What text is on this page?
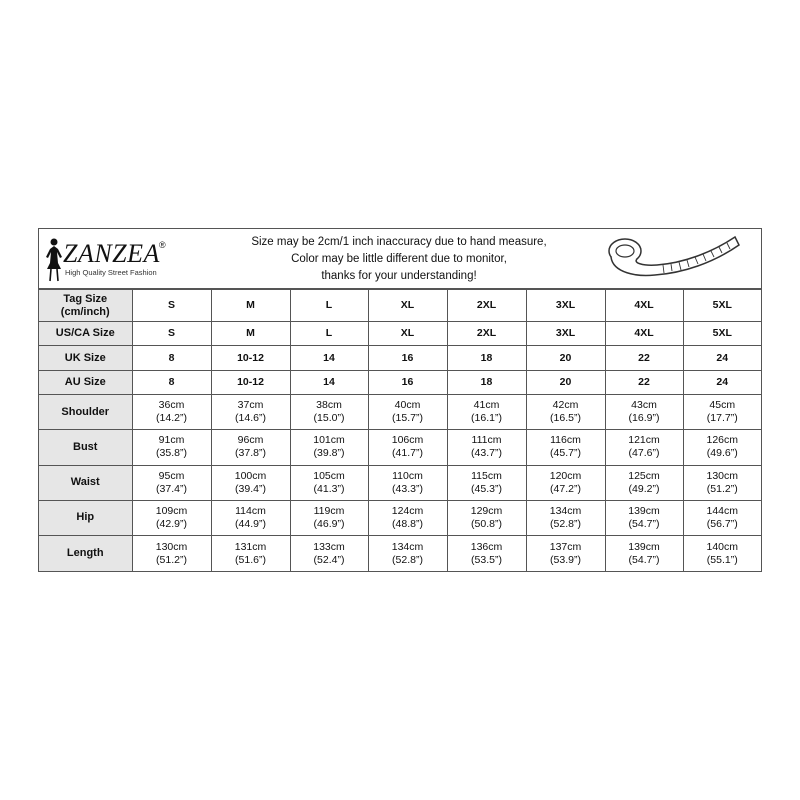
ZANZEA ®
High Quality Street Fashion
Size may be 2cm/1 inch inaccuracy due to hand measure,
Color may be little different due to monitor,
thanks for your understanding!
Tag Size (cm/inch)	S	M	L	XL	2XL	3XL	4XL	5XL

US/CA Size	S	M	L	XL	2XL	3XL	4XL	5XL

UK Size	8	10-12	14	16	18	20	22	24

AU Size	8	10-12	14	16	18	20	22	24

Shoulder	36cm
(14.2”)	37cm
(14.6”)	38cm
(15.0”)	40cm
(15.7”)	41cm
(16.1”)	42cm
(16.5”)	43cm
(16.9”)	45cm
(17.7”)

Bust	91cm
(35.8”)	96cm
(37.8”)	101cm
(39.8”)	106cm
(41.7”)	111cm
(43.7”)	116cm
(45.7”)	121cm
(47.6”)	126cm
(49.6”)

Waist	95cm
(37.4”)	100cm
(39.4”)	105cm
(41.3”)	110cm
(43.3”)	115cm
(45.3”)	120cm
(47.2”)	125cm
(49.2”)	130cm
(51.2”)

Hip	109cm
(42.9”)	114cm
(44.9”)	119cm
(46.9”)	124cm
(48.8”)	129cm
(50.8”)	134cm
(52.8”)	139cm
(54.7”)	144cm
(56.7”)

Length	130cm
(51.2”)	131cm
(51.6”)	133cm
(52.4”)	134cm
(52.8”)	136cm
(53.5”)	137cm
(53.9”)	139cm
(54.7”)	140cm
(55.1”)
